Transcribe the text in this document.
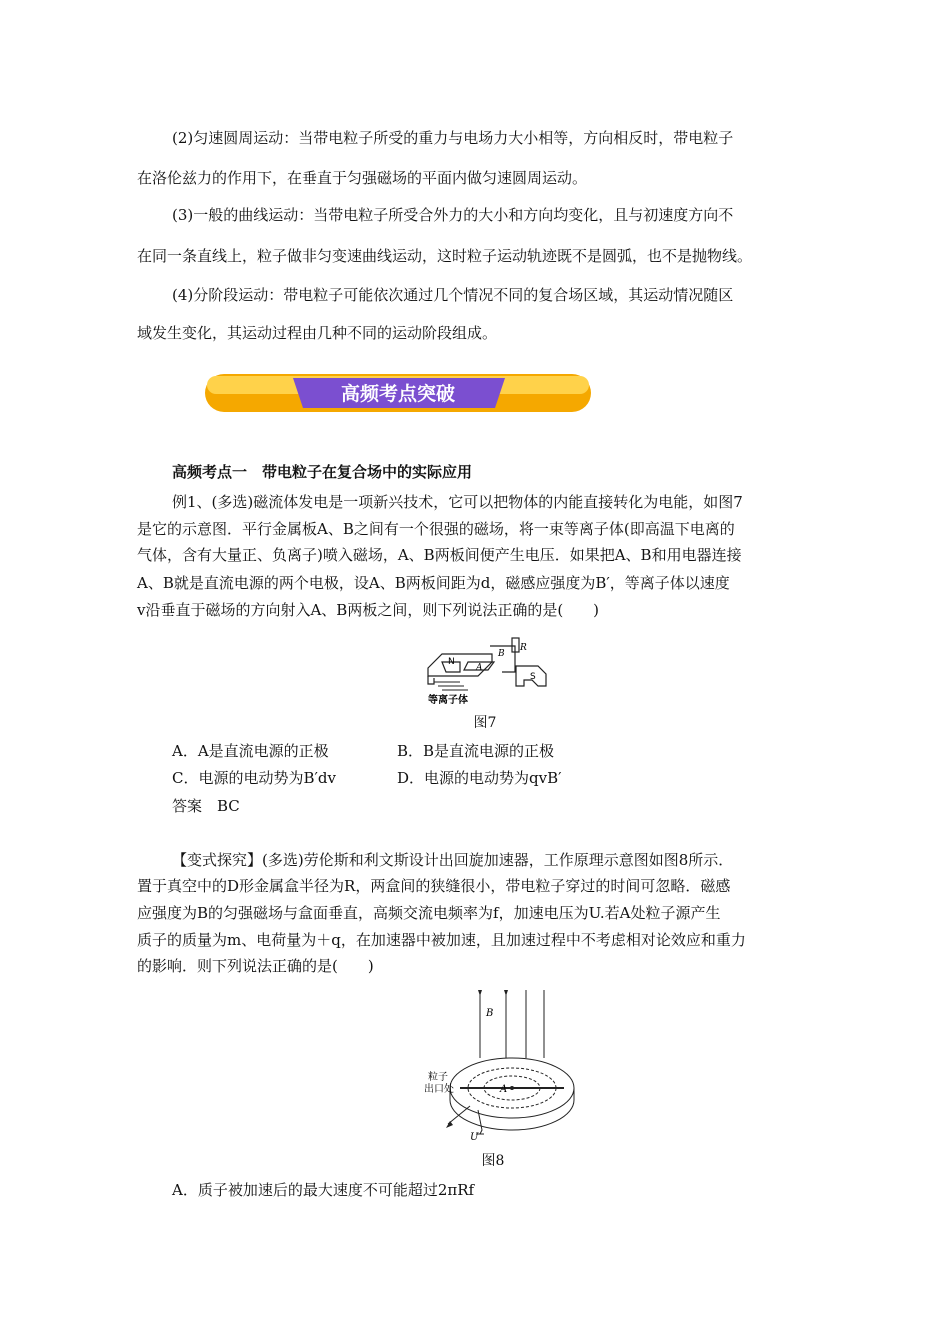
(2)匀速圆周运动：当带电粒子所受的重力与电场力大小相等，方向相反时，带电粒子
在洛伦兹力的作用下，在垂直于匀强磁场的平面内做匀速圆周运动。
(3)一般的曲线运动：当带电粒子所受合外力的大小和方向均变化，且与初速度方向不
在同一条直线上，粒子做非匀变速曲线运动，这时粒子运动轨迹既不是圆弧，也不是抛物线。
(4)分阶段运动：带电粒子可能依次通过几个情况不同的复合场区域，其运动情况随区
域发生变化，其运动过程由几种不同的运动阶段组成。
高频考点突破
高频考点一　带电粒子在复合场中的实际应用
例1、(多选)磁流体发电是一项新兴技术，它可以把物体的内能直接转化为电能，如图7
是它的示意图．平行金属板A、B之间有一个很强的磁场，将一束等离子体(即高温下电离的
气体，含有大量正、负离子)喷入磁场，A、B两板间便产生电压．如果把A、B和用电器连接
A、B就是直流电源的两个电极，设A、B两板间距为d，磁感应强度为B′，等离子体以速度
v沿垂直于磁场的方向射入A、B两板之间，则下列说法正确的是(　　)
N
A
B
R
S
等离子体
图7
A．A是直流电源的正极	B．B是直流电源的正极
C．电源的电动势为B′dv	D．电源的电动势为qvB′
答案　BC
【变式探究】(多选)劳伦斯和利文斯设计出回旋加速器，工作原理示意图如图8所示．
置于真空中的D形金属盒半径为R，两盒间的狭缝很小，带电粒子穿过的时间可忽略．磁感
应强度为B的匀强磁场与盒面垂直，高频交流电频率为f，加速电压为U.若A处粒子源产生
质子的质量为m、电荷量为＋q，在加速器中被加速，且加速过程中不考虑相对论效应和重力
的影响．则下列说法正确的是(　　)
B
粒子
出口处	A
U
图8
A．质子被加速后的最大速度不可能超过2πRf
